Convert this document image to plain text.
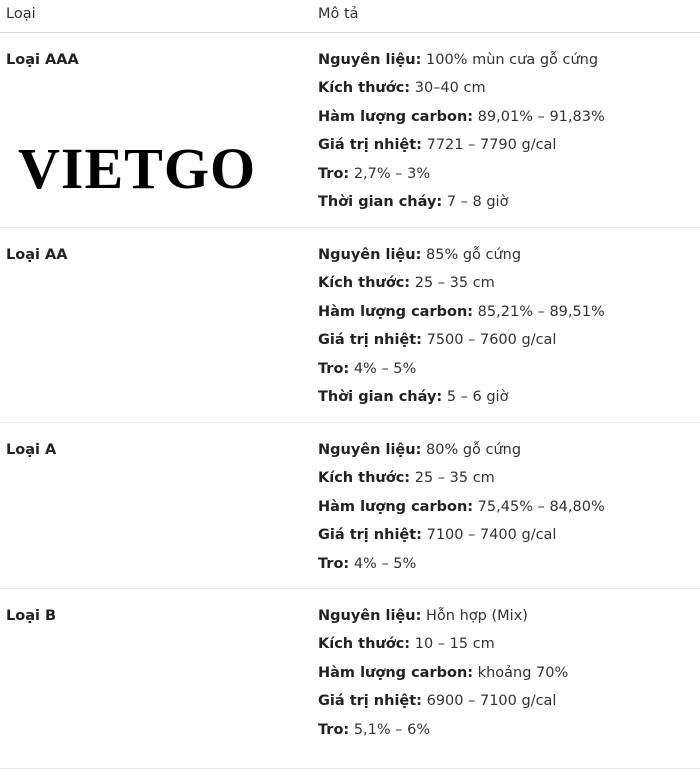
Loại	Mô tả
Loại AAA	Nguyên liệu: 100% mùn cưa gỗ cứng
Kích thước: 30–40 cm
Hàm lượng carbon: 89,01% – 91,83%
Giá trị nhiệt: 7721 – 7790 g/cal
Tro: 2,7% – 3%
Thời gian cháy: 7 – 8 giờ
Loại AA	Nguyên liệu: 85% gỗ cứng
Kích thước: 25 – 35 cm
Hàm lượng carbon: 85,21% – 89,51%
Giá trị nhiệt: 7500 – 7600 g/cal
Tro: 4% – 5%
Thời gian cháy: 5 – 6 giờ
Loại A	Nguyên liệu: 80% gỗ cứng
Kích thước: 25 – 35 cm
Hàm lượng carbon: 75,45% – 84,80%
Giá trị nhiệt: 7100 – 7400 g/cal
Tro: 4% – 5%
Loại B	Nguyên liệu: Hỗn hợp (Mix)
Kích thước: 10 – 15 cm
Hàm lượng carbon: khoảng 70%
Giá trị nhiệt: 6900 – 7100 g/cal
Tro: 5,1% – 6%
VIETGO
